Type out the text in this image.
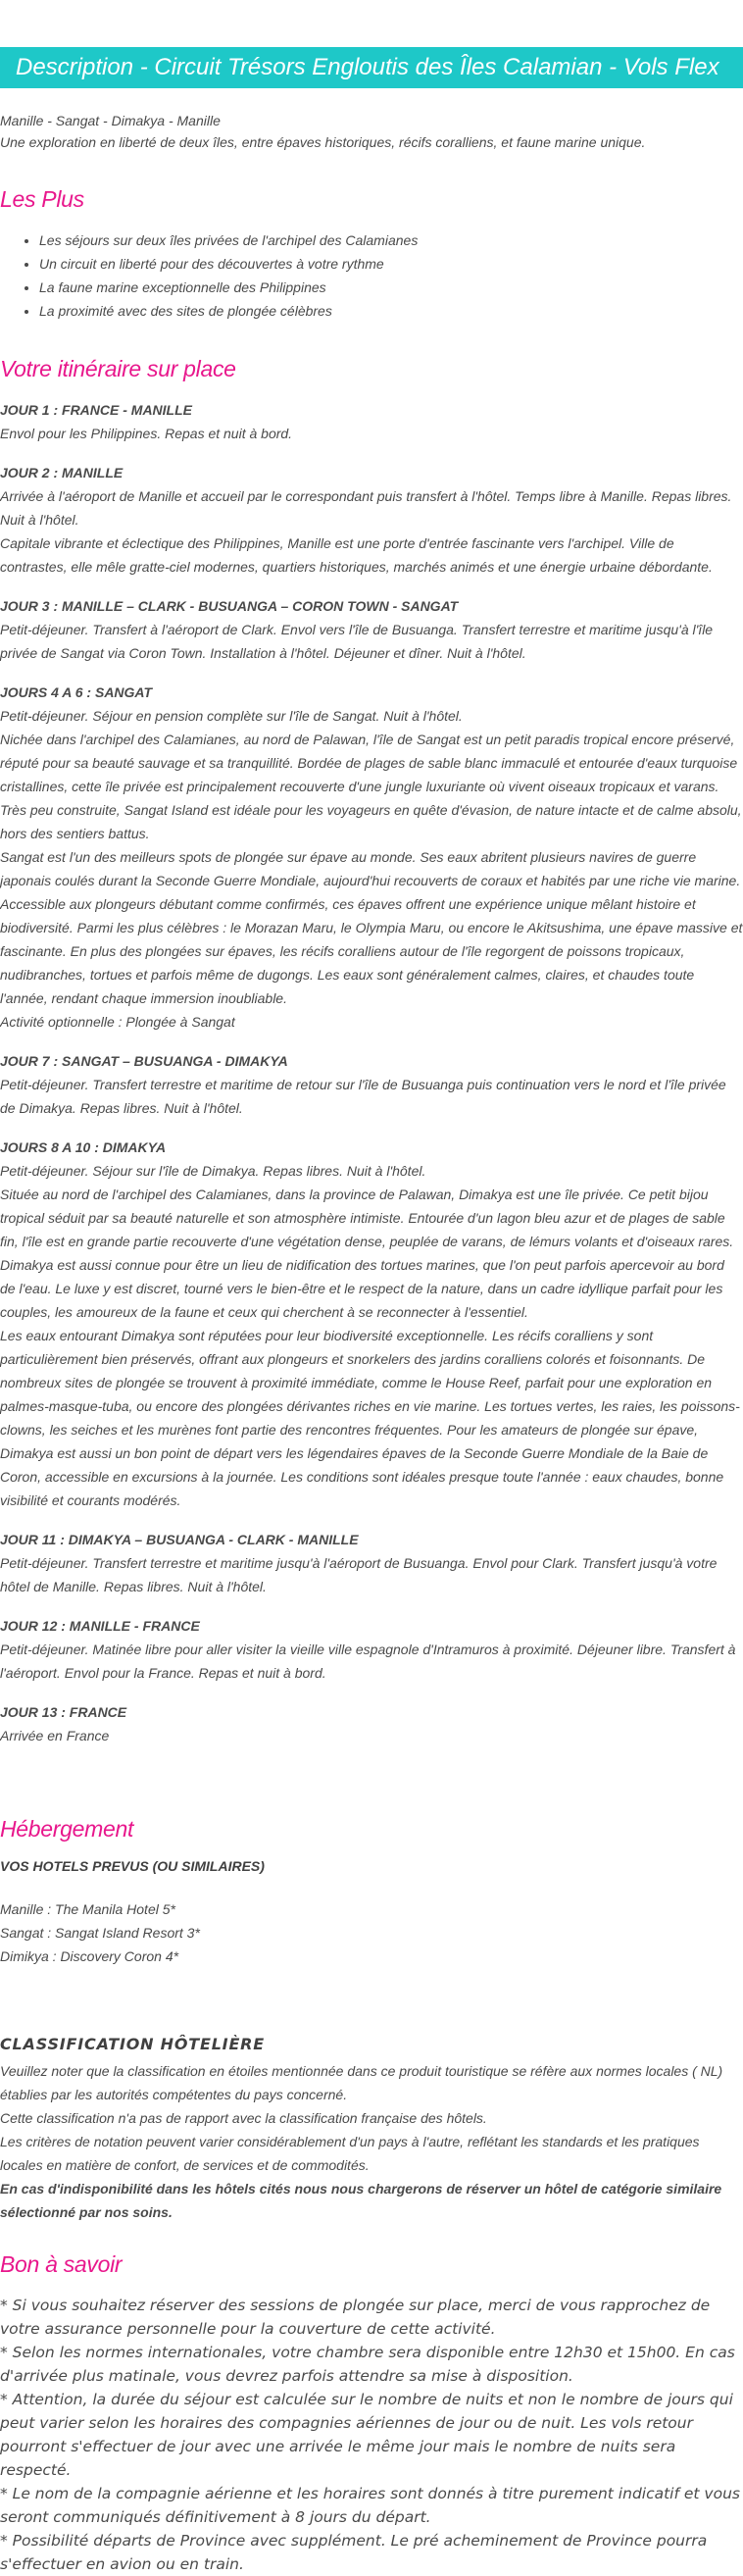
Description - Circuit Trésors Engloutis des Îles Calamian - Vols Flex
Manille - Sangat - Dimakya - Manille
Une exploration en liberté de deux îles, entre épaves historiques, récifs coralliens, et faune marine unique.
Les Plus
• Les séjours sur deux îles privées de l'archipel des Calamianes
• Un circuit en liberté pour des découvertes à votre rythme
• La faune marine exceptionnelle des Philippines
• La proximité avec des sites de plongée célèbres
Votre itinéraire sur place
JOUR 1 : FRANCE - MANILLE

Envol pour les Philippines. Repas et nuit à bord.

JOUR 2 : MANILLE

Arrivée à l'aéroport de Manille et accueil par le correspondant puis transfert à l'hôtel. Temps libre à Manille. Repas libres. Nuit à l'hôtel.

Capitale vibrante et éclectique des Philippines, Manille est une porte d'entrée fascinante vers l'archipel. Ville de contrastes, elle mêle gratte-ciel modernes, quartiers historiques, marchés animés et une énergie urbaine débordante.

JOUR 3 : MANILLE – CLARK - BUSUANGA – CORON TOWN - SANGAT

Petit-déjeuner. Transfert à l'aéroport de Clark. Envol vers l'île de Busuanga. Transfert terrestre et maritime jusqu'à l'île privée de Sangat via Coron Town. Installation à l'hôtel. Déjeuner et dîner. Nuit à l'hôtel.

JOURS 4 A 6 : SANGAT

Petit-déjeuner. Séjour en pension complète sur l'île de Sangat. Nuit à l'hôtel.

Nichée dans l'archipel des Calamianes, au nord de Palawan, l'île de Sangat est un petit paradis tropical encore préservé, réputé pour sa beauté sauvage et sa tranquillité. Bordée de plages de sable blanc immaculé et entourée d'eaux turquoise cristallines, cette île privée est principalement recouverte d'une jungle luxuriante où vivent oiseaux tropicaux et varans. Très peu construite, Sangat Island est idéale pour les voyageurs en quête d'évasion, de nature intacte et de calme absolu, hors des sentiers battus.

Sangat est l'un des meilleurs spots de plongée sur épave au monde. Ses eaux abritent plusieurs navires de guerre japonais coulés durant la Seconde Guerre Mondiale, aujourd'hui recouverts de coraux et habités par une riche vie marine. Accessible aux plongeurs débutant comme confirmés, ces épaves offrent une expérience unique mêlant histoire et biodiversité. Parmi les plus célèbres : le Morazan Maru, le Olympia Maru, ou encore le Akitsushima, une épave massive et fascinante. En plus des plongées sur épaves, les récifs coralliens autour de l'île regorgent de poissons tropicaux, nudibranches, tortues et parfois même de dugongs. Les eaux sont généralement calmes, claires, et chaudes toute l'année, rendant chaque immersion inoubliable.

Activité optionnelle : Plongée à Sangat

JOUR 7 : SANGAT – BUSUANGA - DIMAKYA

Petit-déjeuner. Transfert terrestre et maritime de retour sur l'île de Busuanga puis continuation vers le nord et l'île privée de Dimakya. Repas libres. Nuit à l'hôtel.

JOURS 8 A 10 : DIMAKYA

Petit-déjeuner. Séjour sur l'île de Dimakya. Repas libres. Nuit à l'hôtel.

Située au nord de l'archipel des Calamianes, dans la province de Palawan, Dimakya est une île privée. Ce petit bijou tropical séduit par sa beauté naturelle et son atmosphère intimiste. Entourée d'un lagon bleu azur et de plages de sable fin, l'île est en grande partie recouverte d'une végétation dense, peuplée de varans, de lémurs volants et d'oiseaux rares. Dimakya est aussi connue pour être un lieu de nidification des tortues marines, que l'on peut parfois apercevoir au bord de l'eau. Le luxe y est discret, tourné vers le bien-être et le respect de la nature, dans un cadre idyllique parfait pour les couples, les amoureux de la faune et ceux qui cherchent à se reconnecter à l'essentiel.

Les eaux entourant Dimakya sont réputées pour leur biodiversité exceptionnelle. Les récifs coralliens y sont particulièrement bien préservés, offrant aux plongeurs et snorkelers des jardins coralliens colorés et foisonnants. De nombreux sites de plongée se trouvent à proximité immédiate, comme le House Reef, parfait pour une exploration en palmes-masque-tuba, ou encore des plongées dérivantes riches en vie marine. Les tortues vertes, les raies, les poissons-clowns, les seiches et les murènes font partie des rencontres fréquentes. Pour les amateurs de plongée sur épave, Dimakya est aussi un bon point de départ vers les légendaires épaves de la Seconde Guerre Mondiale de la Baie de Coron, accessible en excursions à la journée. Les conditions sont idéales presque toute l'année : eaux chaudes, bonne visibilité et courants modérés.

JOUR 11 : DIMAKYA – BUSUANGA - CLARK - MANILLE

Petit-déjeuner. Transfert terrestre et maritime jusqu'à l'aéroport de Busuanga. Envol pour Clark. Transfert jusqu'à votre hôtel de Manille. Repas libres. Nuit à l'hôtel.

JOUR 12 : MANILLE - FRANCE

Petit-déjeuner. Matinée libre pour aller visiter la vieille ville espagnole d'Intramuros à proximité. Déjeuner libre. Transfert à l'aéroport. Envol pour la France. Repas et nuit à bord.

JOUR 13 : FRANCE

Arrivée en France

Hébergement
VOS HOTELS PREVUS (OU SIMILAIRES)
Manille : The Manila Hotel 5*
Sangat : Sangat Island Resort 3*
Dimikya : Discovery Coron 4*
CLASSIFICATION HÔTELIÈRE

Veuillez noter que la classification en étoiles mentionnée dans ce produit touristique se réfère aux normes locales ( NL) établies par les autorités compétentes du pays concerné.

Cette classification n'a pas de rapport avec la classification française des hôtels.

Les critères de notation peuvent varier considérablement d'un pays à l'autre, reflétant les standards et les pratiques locales en matière de confort, de services et de commodités.

En cas d'indisponibilité dans les hôtels cités nous nous chargerons de réserver un hôtel de catégorie similaire sélectionné par nos soins.

Bon à savoir

* Si vous souhaitez réserver des sessions de plongée sur place, merci de vous rapprochez de votre assurance personnelle pour la couverture de cette activité.

* Selon les normes internationales, votre chambre sera disponible entre 12h30 et 15h00. En cas d'arrivée plus matinale, vous devrez parfois attendre sa mise à disposition.

* Attention, la durée du séjour est calculée sur le nombre de nuits et non le nombre de jours qui peut varier selon les horaires des compagnies aériennes de jour ou de nuit. Les vols retour pourront s'effectuer de jour avec une arrivée le même jour mais le nombre de nuits sera respecté.

* Le nom de la compagnie aérienne et les horaires sont donnés à titre purement indicatif et vous seront communiqués définitivement à 8 jours du départ.

* Possibilité départs de Province avec supplément. Le pré acheminement de Province pourra s'effectuer en avion ou en train.
